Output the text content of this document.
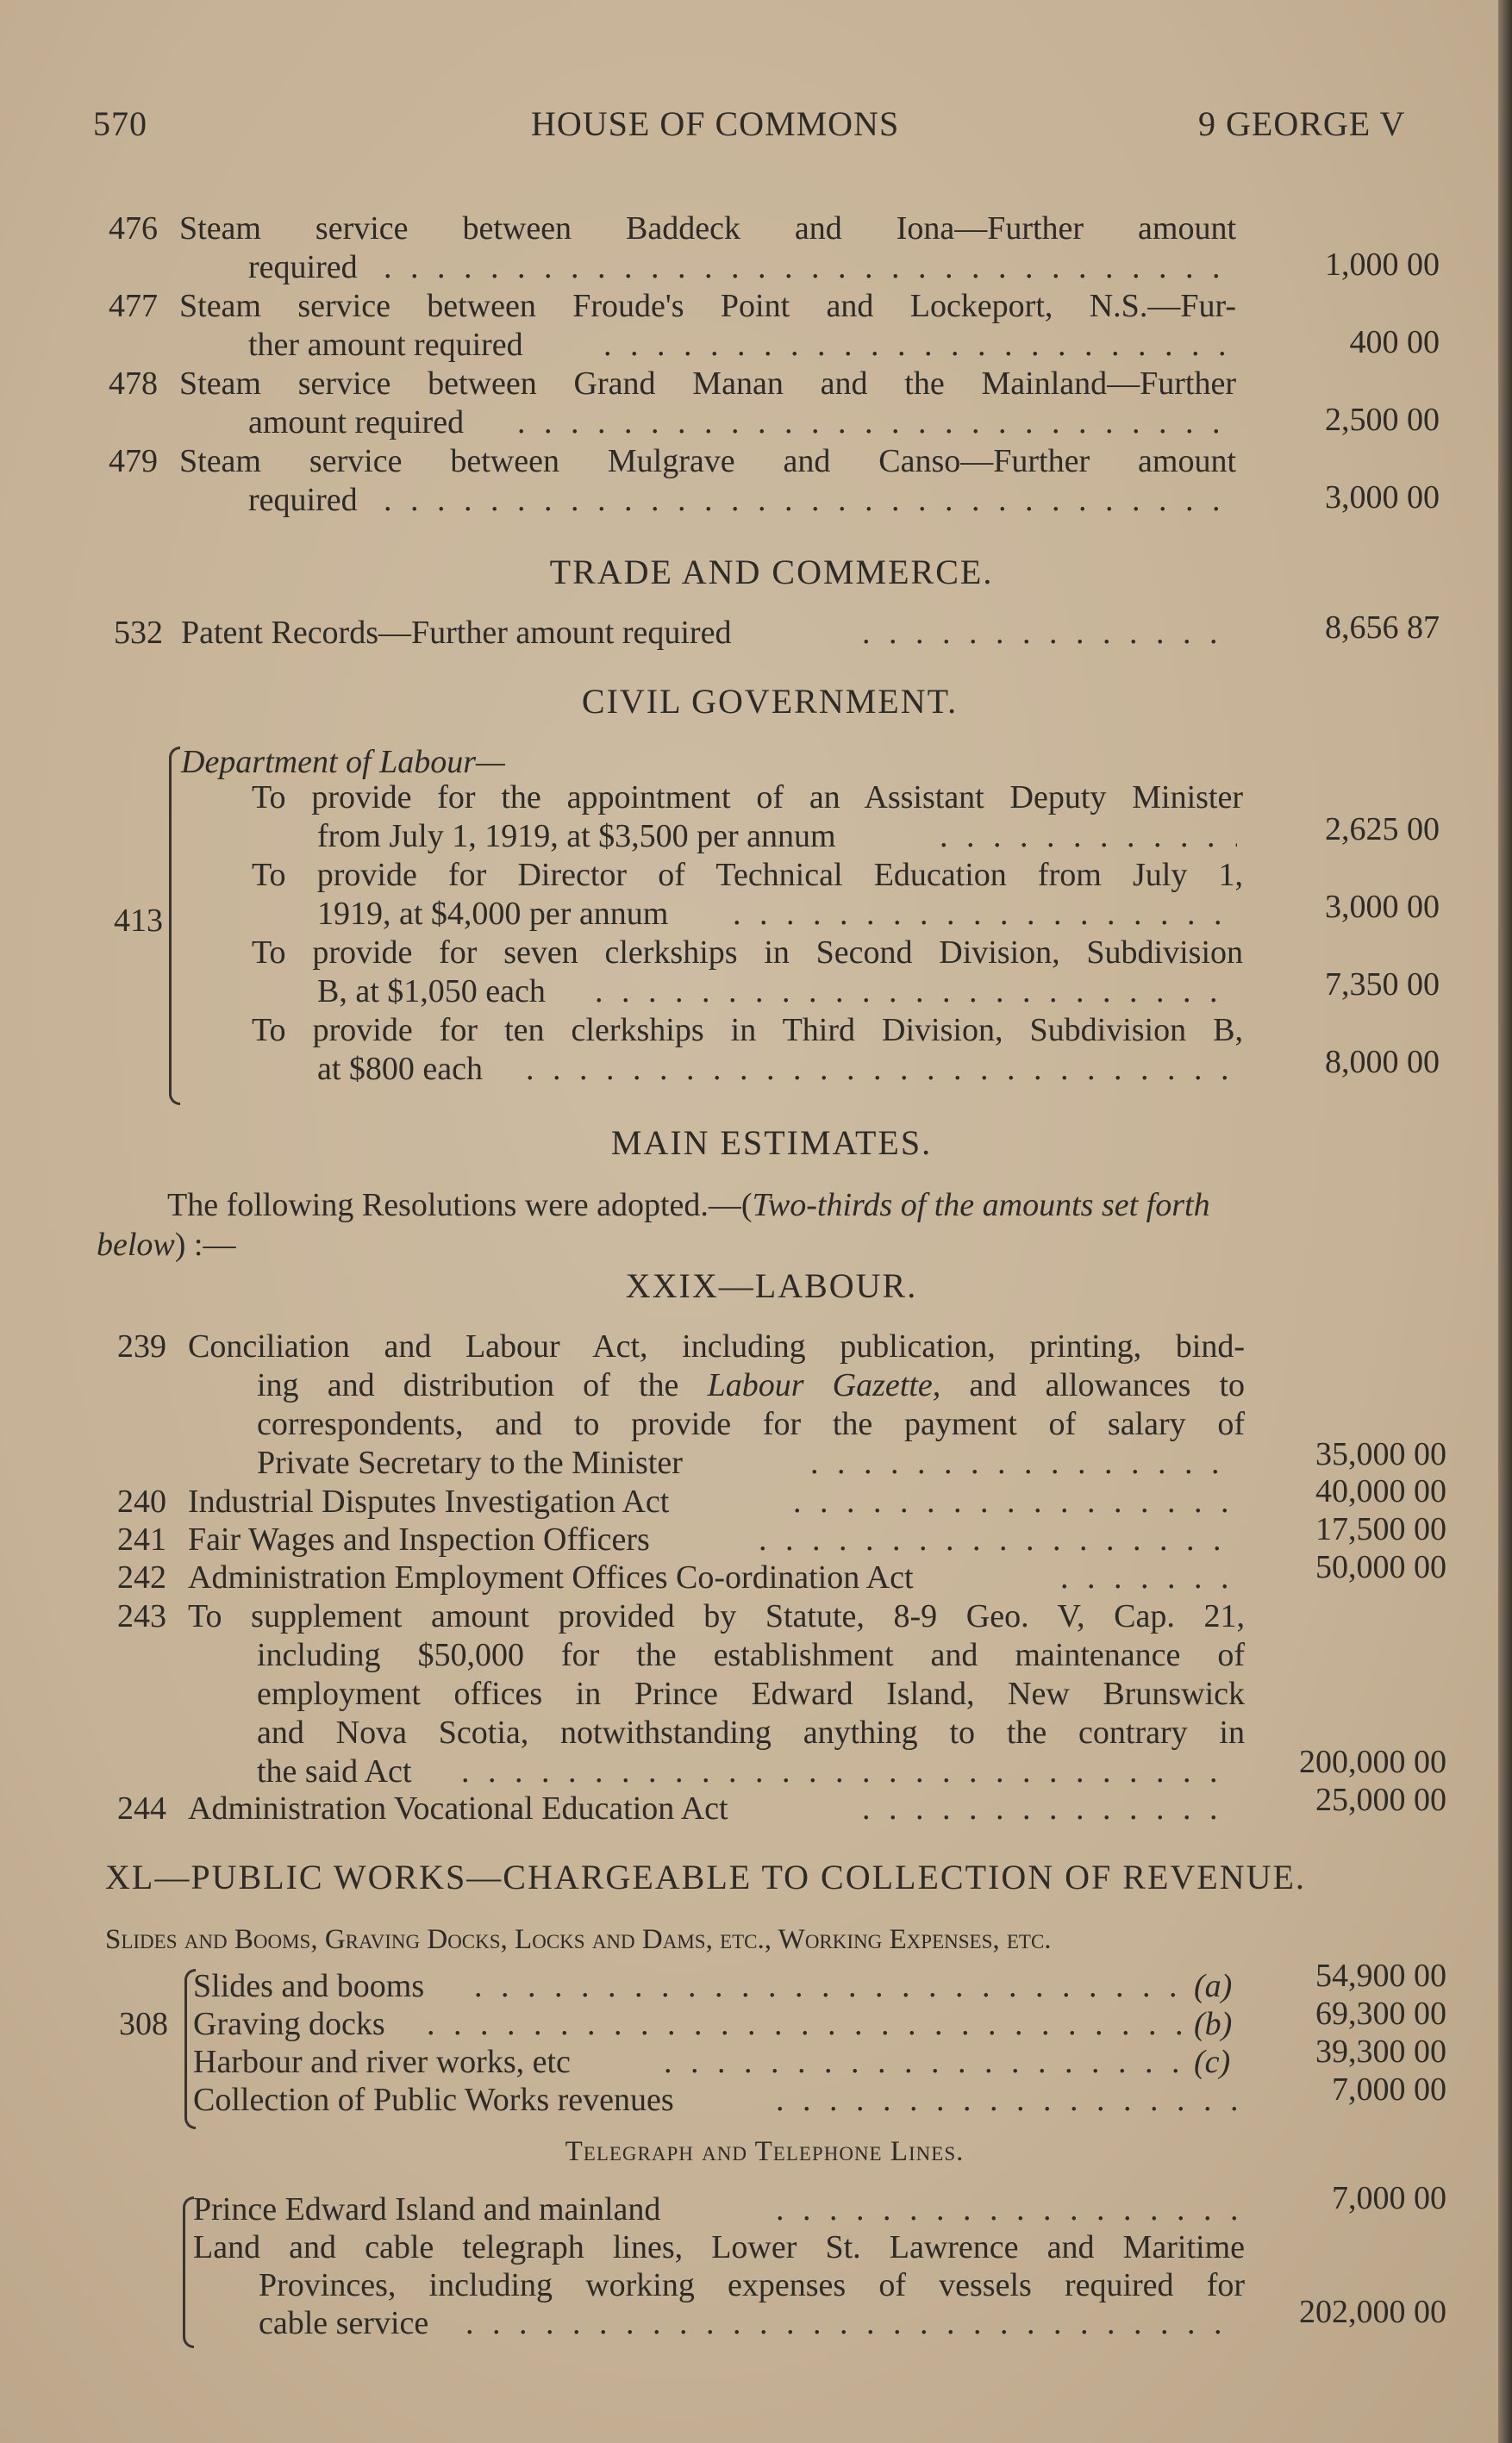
570	HOUSE OF COMMONS	9 GEORGE V
476 Steam service between Baddeck and Iona—Further amount
required . . .	1,000 00
477 Steam service between Froude's Point and Lockeport, N.S.—Fur-
ther amount required . . .	400 00
478 Steam service between Grand Manan and the Mainland—Further
amount required . . .	2,500 00
479 Steam service between Mulgrave and Canso—Further amount
required . . .	3,000 00
TRADE AND COMMERCE.
532 Patent Records—Further amount required . . .	8,656 87
CIVIL GOVERNMENT.
413
Department of Labour—
To provide for the appointment of an Assistant Deputy Minister
from July 1, 1919, at $3,500 per annum . . .	2,625 00
To provide for Director of Technical Education from July 1,
1919, at $4,000 per annum . . .	3,000 00
To provide for seven clerkships in Second Division, Subdivision
B, at $1,050 each . . .	7,350 00
To provide for ten clerkships in Third Division, Subdivision B,
at $800 each . . .	8,000 00
MAIN ESTIMATES.
The following Resolutions were adopted.—(Two-thirds of the amounts set forth
below) :—
XXIX—LABOUR.
239 Conciliation and Labour Act, including publication, printing, bind-
ing and distribution of the Labour Gazette, and allowances to
correspondents, and to provide for the payment of salary of
Private Secretary to the Minister . . .	35,000 00
240 Industrial Disputes Investigation Act . . .	40,000 00
241 Fair Wages and Inspection Officers . . .	17,500 00
242 Administration Employment Offices Co-ordination Act . . .	50,000 00
243 To supplement amount provided by Statute, 8-9 Geo. V, Cap. 21,
including $50,000 for the establishment and maintenance of
employment offices in Prince Edward Island, New Brunswick
and Nova Scotia, notwithstanding anything to the contrary in
the said Act . . .	200,000 00
244 Administration Vocational Education Act . . .	25,000 00
XL—PUBLIC WORKS—CHARGEABLE TO COLLECTION OF REVENUE.
Slides and Booms, Graving Docks, Locks and Dams, etc., Working Expenses, etc.
308
Slides and booms . . .	(a)	54,900 00
Graving docks . . .	(b)	69,300 00
Harbour and river works, etc . . .	(c)	39,300 00
Collection of Public Works revenues . . .	7,000 00
Telegraph and Telephone Lines.
Prince Edward Island and mainland . . .	7,000 00
Land and cable telegraph lines, Lower St. Lawrence and Maritime
Provinces, including working expenses of vessels required for
cable service . . .	202,000 00
